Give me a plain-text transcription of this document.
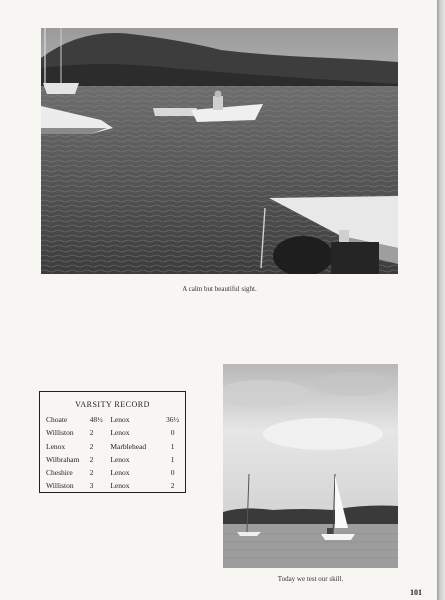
A calm but beautiful sight.
VARSITY RECORD
Choate	48½	Lenox	36½
Williston	2	Lenox	0
Lenox	2	Marblehead	1
Wilbraham	2	Lenox	1
Cheshire	2	Lenox	0
Williston	3	Lenox	2
Today we test our skill.
101
